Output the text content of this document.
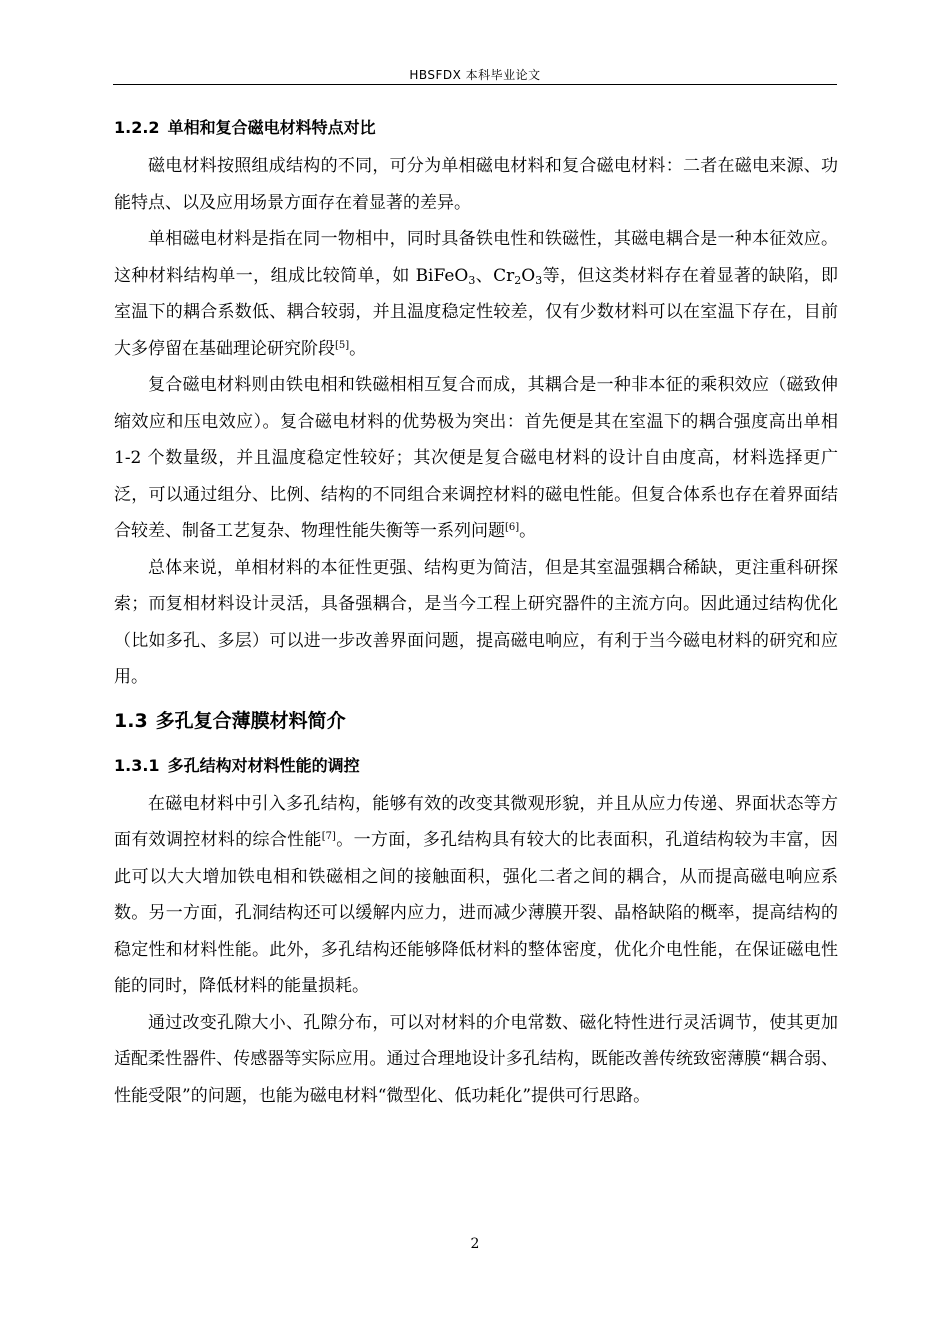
HBSFDX 本科毕业论文
1.2.2 单相和复合磁电材料特点对比

磁电材料按照组成结构的不同，可分为单相磁电材料和复合磁电材料：二者在磁电来源、功能特点、以及应用场景方面存在着显著的差异。

单相磁电材料是指在同一物相中，同时具备铁电性和铁磁性，其磁电耦合是一种本征效应。这种材料结构单一，组成比较简单，如 BiFeO$_3$、$Cr_2O_3$等，但这类材料存在着显著的缺陷，即室温下的耦合系数低、耦合较弱，并且温度稳定性较差，仅有少数材料可以在室温下存在，目前大多停留在基础理论研究阶段[5]。

复合磁电材料则由铁电相和铁磁相相互复合而成，其耦合是一种非本征的乘积效应（磁致伸缩效应和压电效应）。复合磁电材料的优势极为突出：首先便是其在室温下的耦合强度高出单相 1-2 个数量级，并且温度稳定性较好；其次便是复合磁电材料的设计自由度高，材料选择更广泛，可以通过组分、比例、结构的不同组合来调控材料的磁电性能。但复合体系也存在着界面结合较差、制备工艺复杂、物理性能失衡等一系列问题[6]。

总体来说，单相材料的本征性更强、结构更为简洁，但是其室温强耦合稀缺，更注重科研探索；而复相材料设计灵活，具备强耦合，是当今工程上研究器件的主流方向。因此通过结构优化（比如多孔、多层）可以进一步改善界面问题，提高磁电响应，有利于当今磁电材料的研究和应用。

1.3 多孔复合薄膜材料简介
1.3.1 多孔结构对材料性能的调控

在磁电材料中引入多孔结构，能够有效的改变其微观形貌，并且从应力传递、界面状态等方面有效调控材料的综合性能[7]。一方面，多孔结构具有较大的比表面积，孔道结构较为丰富，因此可以大大增加铁电相和铁磁相之间的接触面积，强化二者之间的耦合，从而提高磁电响应系数。另一方面，孔洞结构还可以缓解内应力，进而减少薄膜开裂、晶格缺陷的概率，提高结构的稳定性和材料性能。此外，多孔结构还能够降低材料的整体密度，优化介电性能，在保证磁电性能的同时，降低材料的能量损耗。

通过改变孔隙大小、孔隙分布，可以对材料的介电常数、磁化特性进行灵活调节，使其更加适配柔性器件、传感器等实际应用。通过合理地设计多孔结构，既能改善传统致密薄膜“耦合弱、性能受限”的问题，也能为磁电材料“微型化、低功耗化”提供可行思路。

2
